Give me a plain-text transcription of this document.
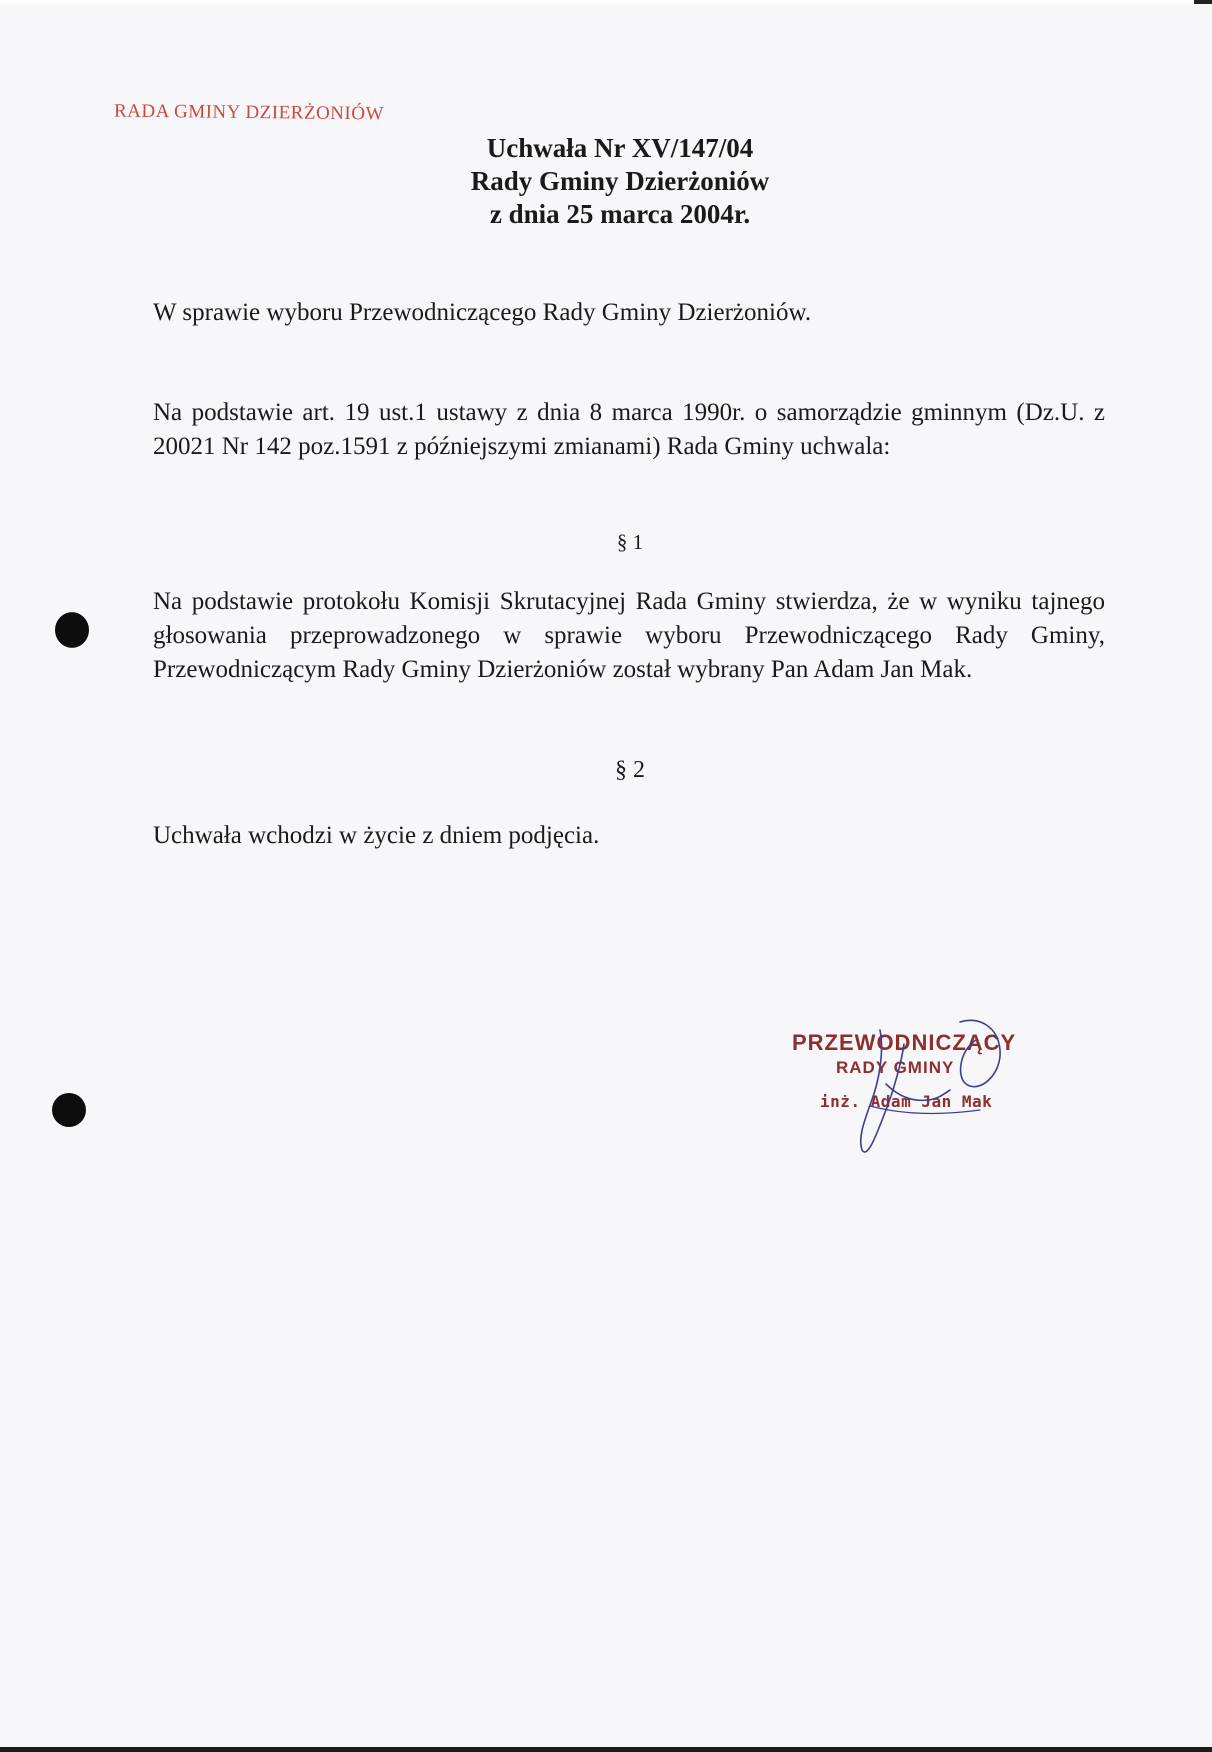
RADA GMINY DZIERŻONIÓW
Uchwała Nr XV/147/04
Rady Gminy Dzierżoniów
z dnia 25 marca 2004r.
W sprawie wyboru Przewodniczącego Rady Gminy Dzierżoniów.
Na podstawie art. 19 ust.1 ustawy z dnia 8 marca 1990r. o samorządzie gminnym (Dz.U. z 20021 Nr 142 poz.1591 z późniejszymi zmianami) Rada Gminy uchwala:
§ 1
Na podstawie protokołu Komisji Skrutacyjnej Rada Gminy stwierdza, że w wyniku tajnego głosowania przeprowadzonego w sprawie wyboru Przewodniczącego Rady Gminy, Przewodniczącym Rady Gminy Dzierżoniów został wybrany Pan Adam Jan Mak.
§ 2
Uchwała wchodzi w życie z dniem podjęcia.
PRZEWODNICZĄCY
RADY GMINY
inż. Adam Jan Mak
